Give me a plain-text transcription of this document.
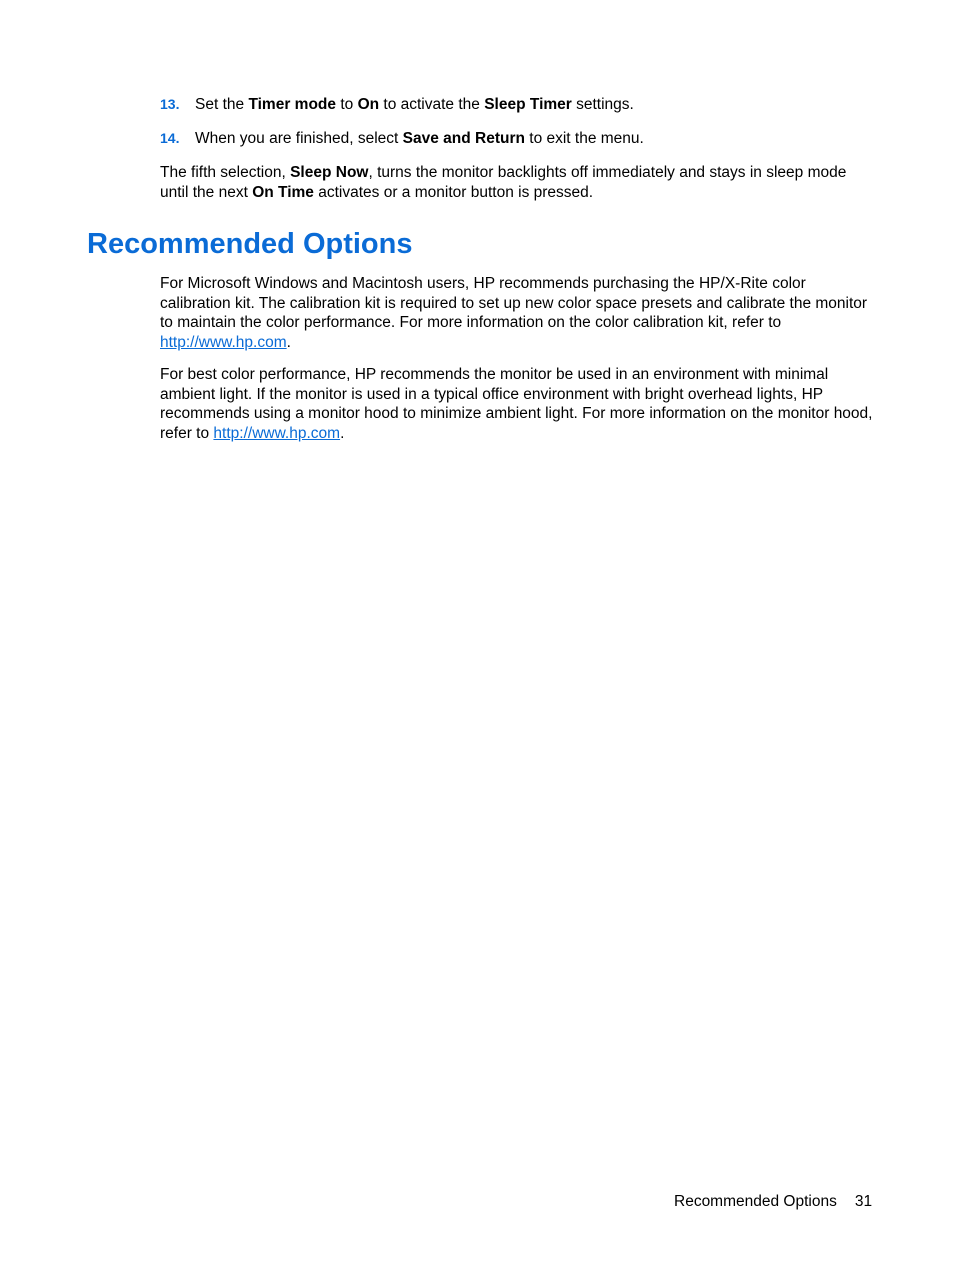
13. Set the Timer mode to On to activate the Sleep Timer settings.
14. When you are finished, select Save and Return to exit the menu.

The fifth selection, Sleep Now, turns the monitor backlights off immediately and stays in sleep mode
until the next On Time activates or a monitor button is pressed.

Recommended Options

For Microsoft Windows and Macintosh users, HP recommends purchasing the HP/X-Rite color
calibration kit. The calibration kit is required to set up new color space presets and calibrate the monitor
to maintain the color performance. For more information on the color calibration kit, refer to
http://www.hp.com.

For best color performance, HP recommends the monitor be used in an environment with minimal
ambient light. If the monitor is used in a typical office environment with bright overhead lights, HP
recommends using a monitor hood to minimize ambient light. For more information on the monitor hood,
refer to http://www.hp.com.

Recommended Options 31
